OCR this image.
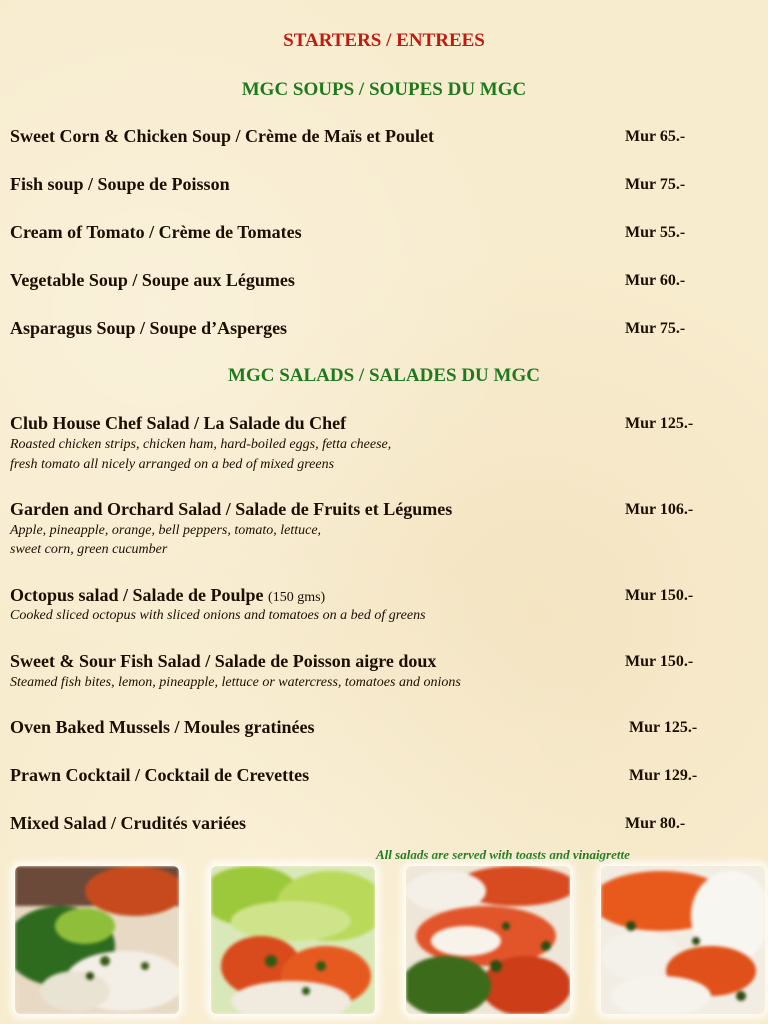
STARTERS / ENTREES
MGC SOUPS / SOUPES DU MGC
Sweet Corn & Chicken Soup / Crème de Maïs et Poulet	Mur 65.-
Fish soup / Soupe de Poisson	Mur 75.-
Cream of Tomato / Crème de Tomates	Mur 55.-
Vegetable Soup / Soupe aux Légumes	Mur 60.-
Asparagus Soup / Soupe d’Asperges	Mur 75.-
MGC SALADS / SALADES DU MGC
Club House Chef Salad / La Salade du Chef	Mur 125.-
Roasted chicken strips, chicken ham, hard-boiled eggs, fetta cheese,
fresh tomato all nicely arranged on a bed of mixed greens
Garden and Orchard Salad / Salade de Fruits et Légumes	Mur 106.-
Apple, pineapple, orange, bell peppers, tomato, lettuce,
sweet corn, green cucumber
Octopus salad / Salade de Poulpe (150 gms)	Mur 150.-
Cooked sliced octopus with sliced onions and tomatoes on a bed of greens
Sweet & Sour Fish Salad / Salade de Poisson aigre doux	Mur 150.-
Steamed fish bites, lemon, pineapple, lettuce or watercress, tomatoes and onions
Oven Baked Mussels / Moules gratinées	Mur 125.-
Prawn Cocktail / Cocktail de Crevettes	Mur 129.-
Mixed Salad / Crudités variées	Mur 80.-
All salads are served with toasts and vinaigrette
